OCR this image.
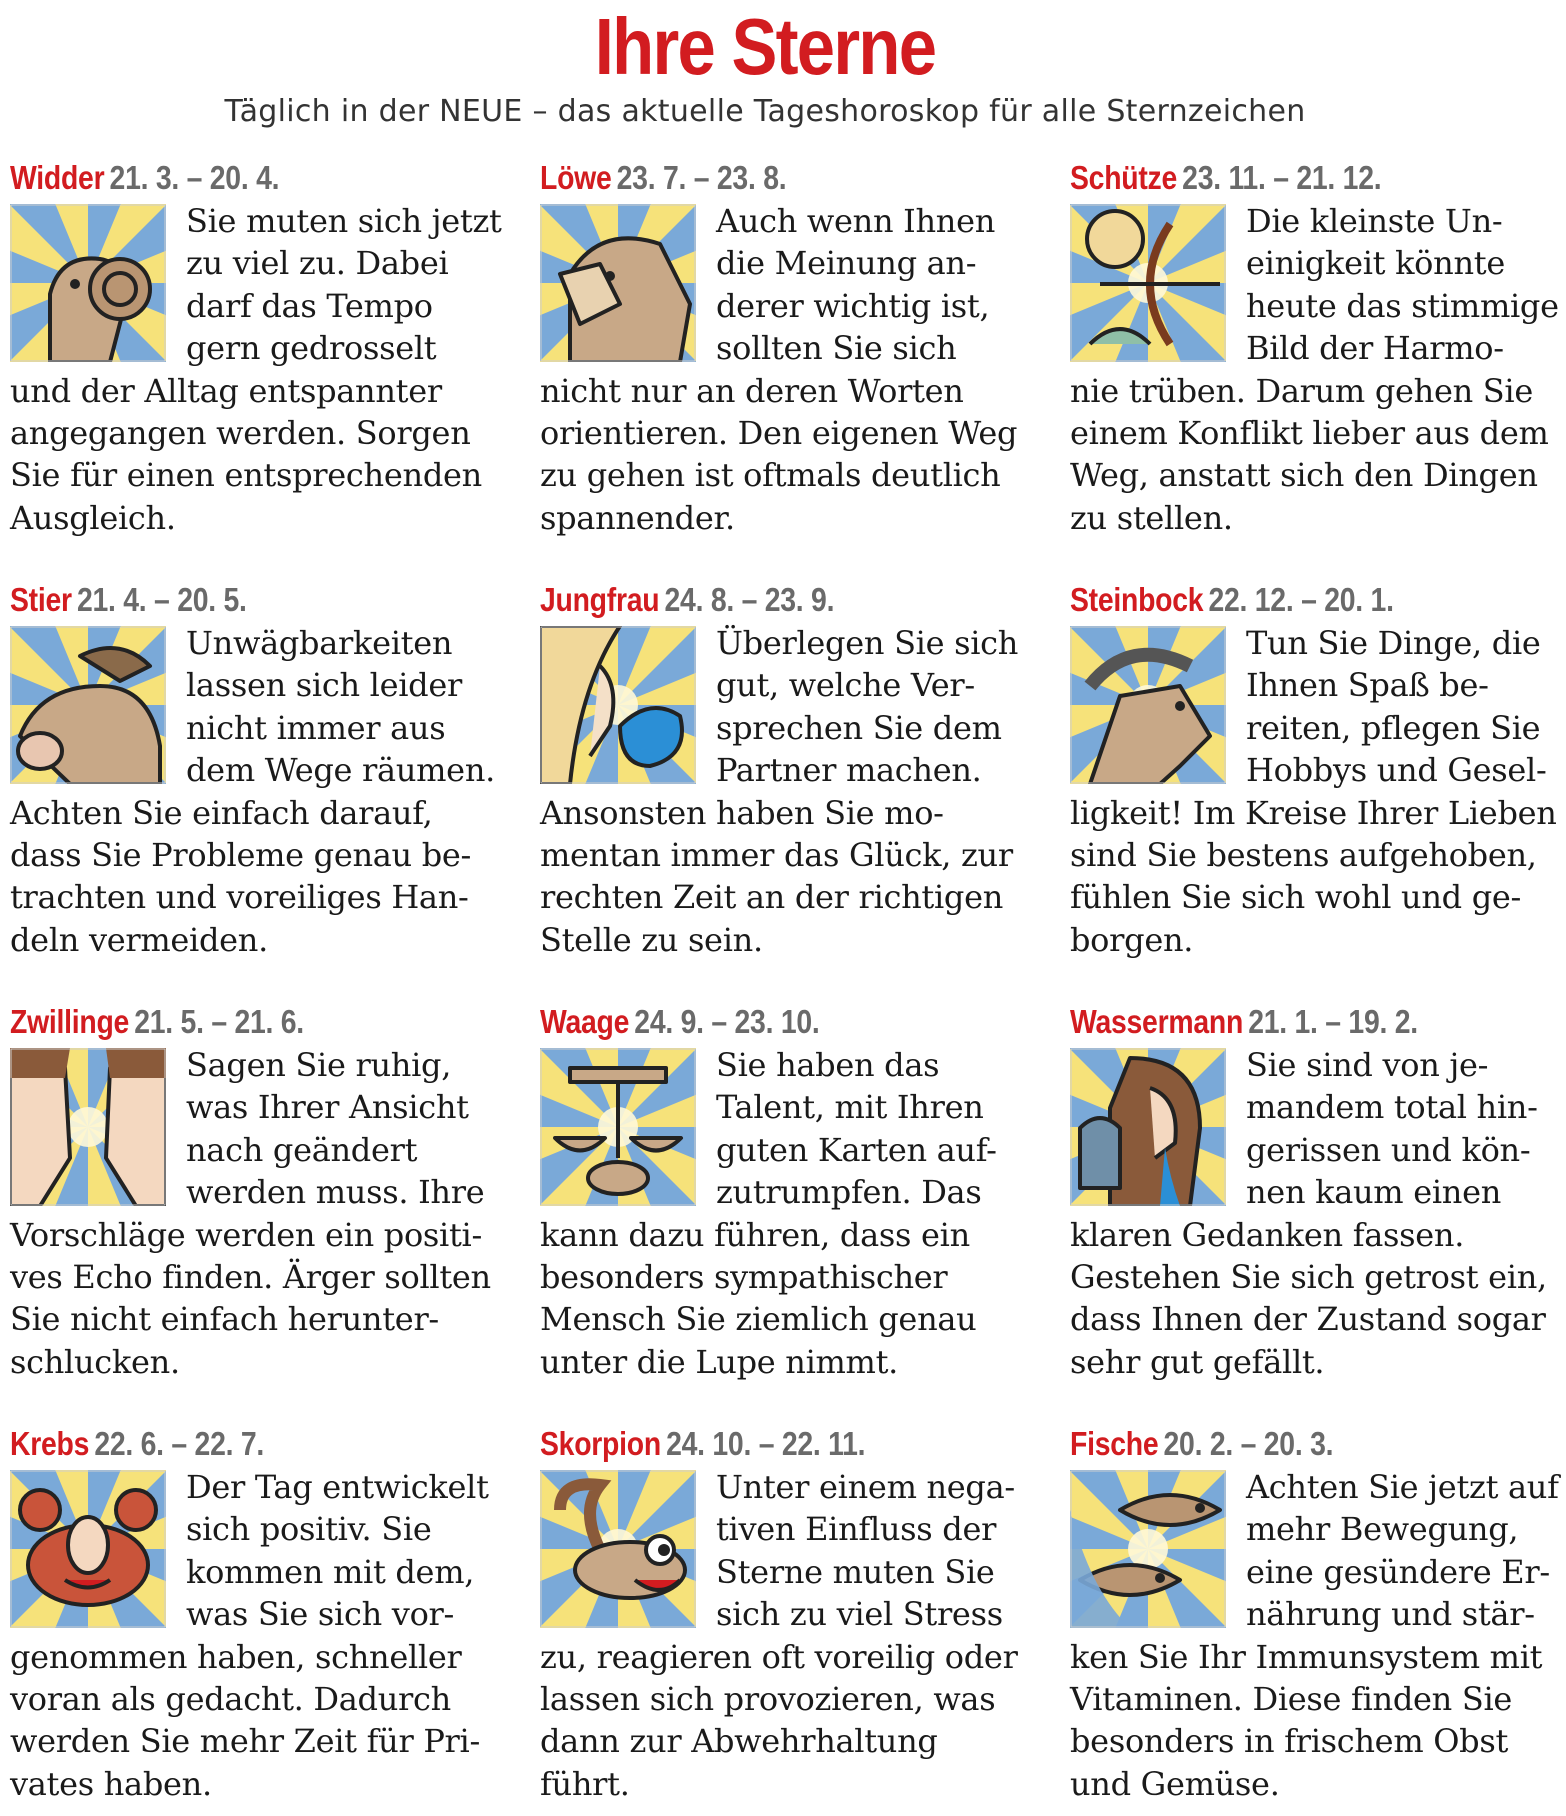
Ihre Sterne
Täglich in der NEUE – das aktuelle Tageshoroskop für alle Sternzeichen
Widder 21. 3. – 20. 4.
Sie muten sich jetzt
zu viel zu. Dabei
darf das Tempo
gern gedrosselt
und der Alltag entspannter
angegangen werden. Sorgen
Sie für einen entsprechenden
Ausgleich.
Stier 21. 4. – 20. 5.
Unwägbarkeiten
lassen sich leider
nicht immer aus
dem Wege räumen.
Achten Sie einfach darauf,
dass Sie Probleme genau be-
trachten und voreiliges Han-
deln vermeiden.
Zwillinge 21. 5. – 21. 6.
Sagen Sie ruhig,
was Ihrer Ansicht
nach geändert
werden muss. Ihre
Vorschläge werden ein positi-
ves Echo finden. Ärger sollten
Sie nicht einfach herunter-
schlucken.
Krebs 22. 6. – 22. 7.
Der Tag entwickelt
sich positiv. Sie
kommen mit dem,
was Sie sich vor-
genommen haben, schneller
voran als gedacht. Dadurch
werden Sie mehr Zeit für Pri-
vates haben.
Löwe 23. 7. – 23. 8.
Auch wenn Ihnen
die Meinung an-
derer wichtig ist,
sollten Sie sich
nicht nur an deren Worten
orientieren. Den eigenen Weg
zu gehen ist oftmals deutlich
spannender.
Jungfrau 24. 8. – 23. 9.
Überlegen Sie sich
gut, welche Ver-
sprechen Sie dem
Partner machen.
Ansonsten haben Sie mo-
mentan immer das Glück, zur
rechten Zeit an der richtigen
Stelle zu sein.
Waage 24. 9. – 23. 10.
Sie haben das
Talent, mit Ihren
guten Karten auf-
zutrumpfen. Das
kann dazu führen, dass ein
besonders sympathischer
Mensch Sie ziemlich genau
unter die Lupe nimmt.
Skorpion 24. 10. – 22. 11.
Unter einem nega-
tiven Einfluss der
Sterne muten Sie
sich zu viel Stress
zu, reagieren oft voreilig oder
lassen sich provozieren, was
dann zur Abwehrhaltung
führt.
Schütze 23. 11. – 21. 12.
Die kleinste Un-
einigkeit könnte
heute das stimmige
Bild der Harmo-
nie trüben. Darum gehen Sie
einem Konflikt lieber aus dem
Weg, anstatt sich den Dingen
zu stellen.
Steinbock 22. 12. – 20. 1.
Tun Sie Dinge, die
Ihnen Spaß be-
reiten, pflegen Sie
Hobbys und Gesel-
ligkeit! Im Kreise Ihrer Lieben
sind Sie bestens aufgehoben,
fühlen Sie sich wohl und ge-
borgen.
Wassermann 21. 1. – 19. 2.
Sie sind von je-
mandem total hin-
gerissen und kön-
nen kaum einen
klaren Gedanken fassen.
Gestehen Sie sich getrost ein,
dass Ihnen der Zustand sogar
sehr gut gefällt.
Fische 20. 2. – 20. 3.
Achten Sie jetzt auf
mehr Bewegung,
eine gesündere Er-
nährung und stär-
ken Sie Ihr Immunsystem mit
Vitaminen. Diese finden Sie
besonders in frischem Obst
und Gemüse.
